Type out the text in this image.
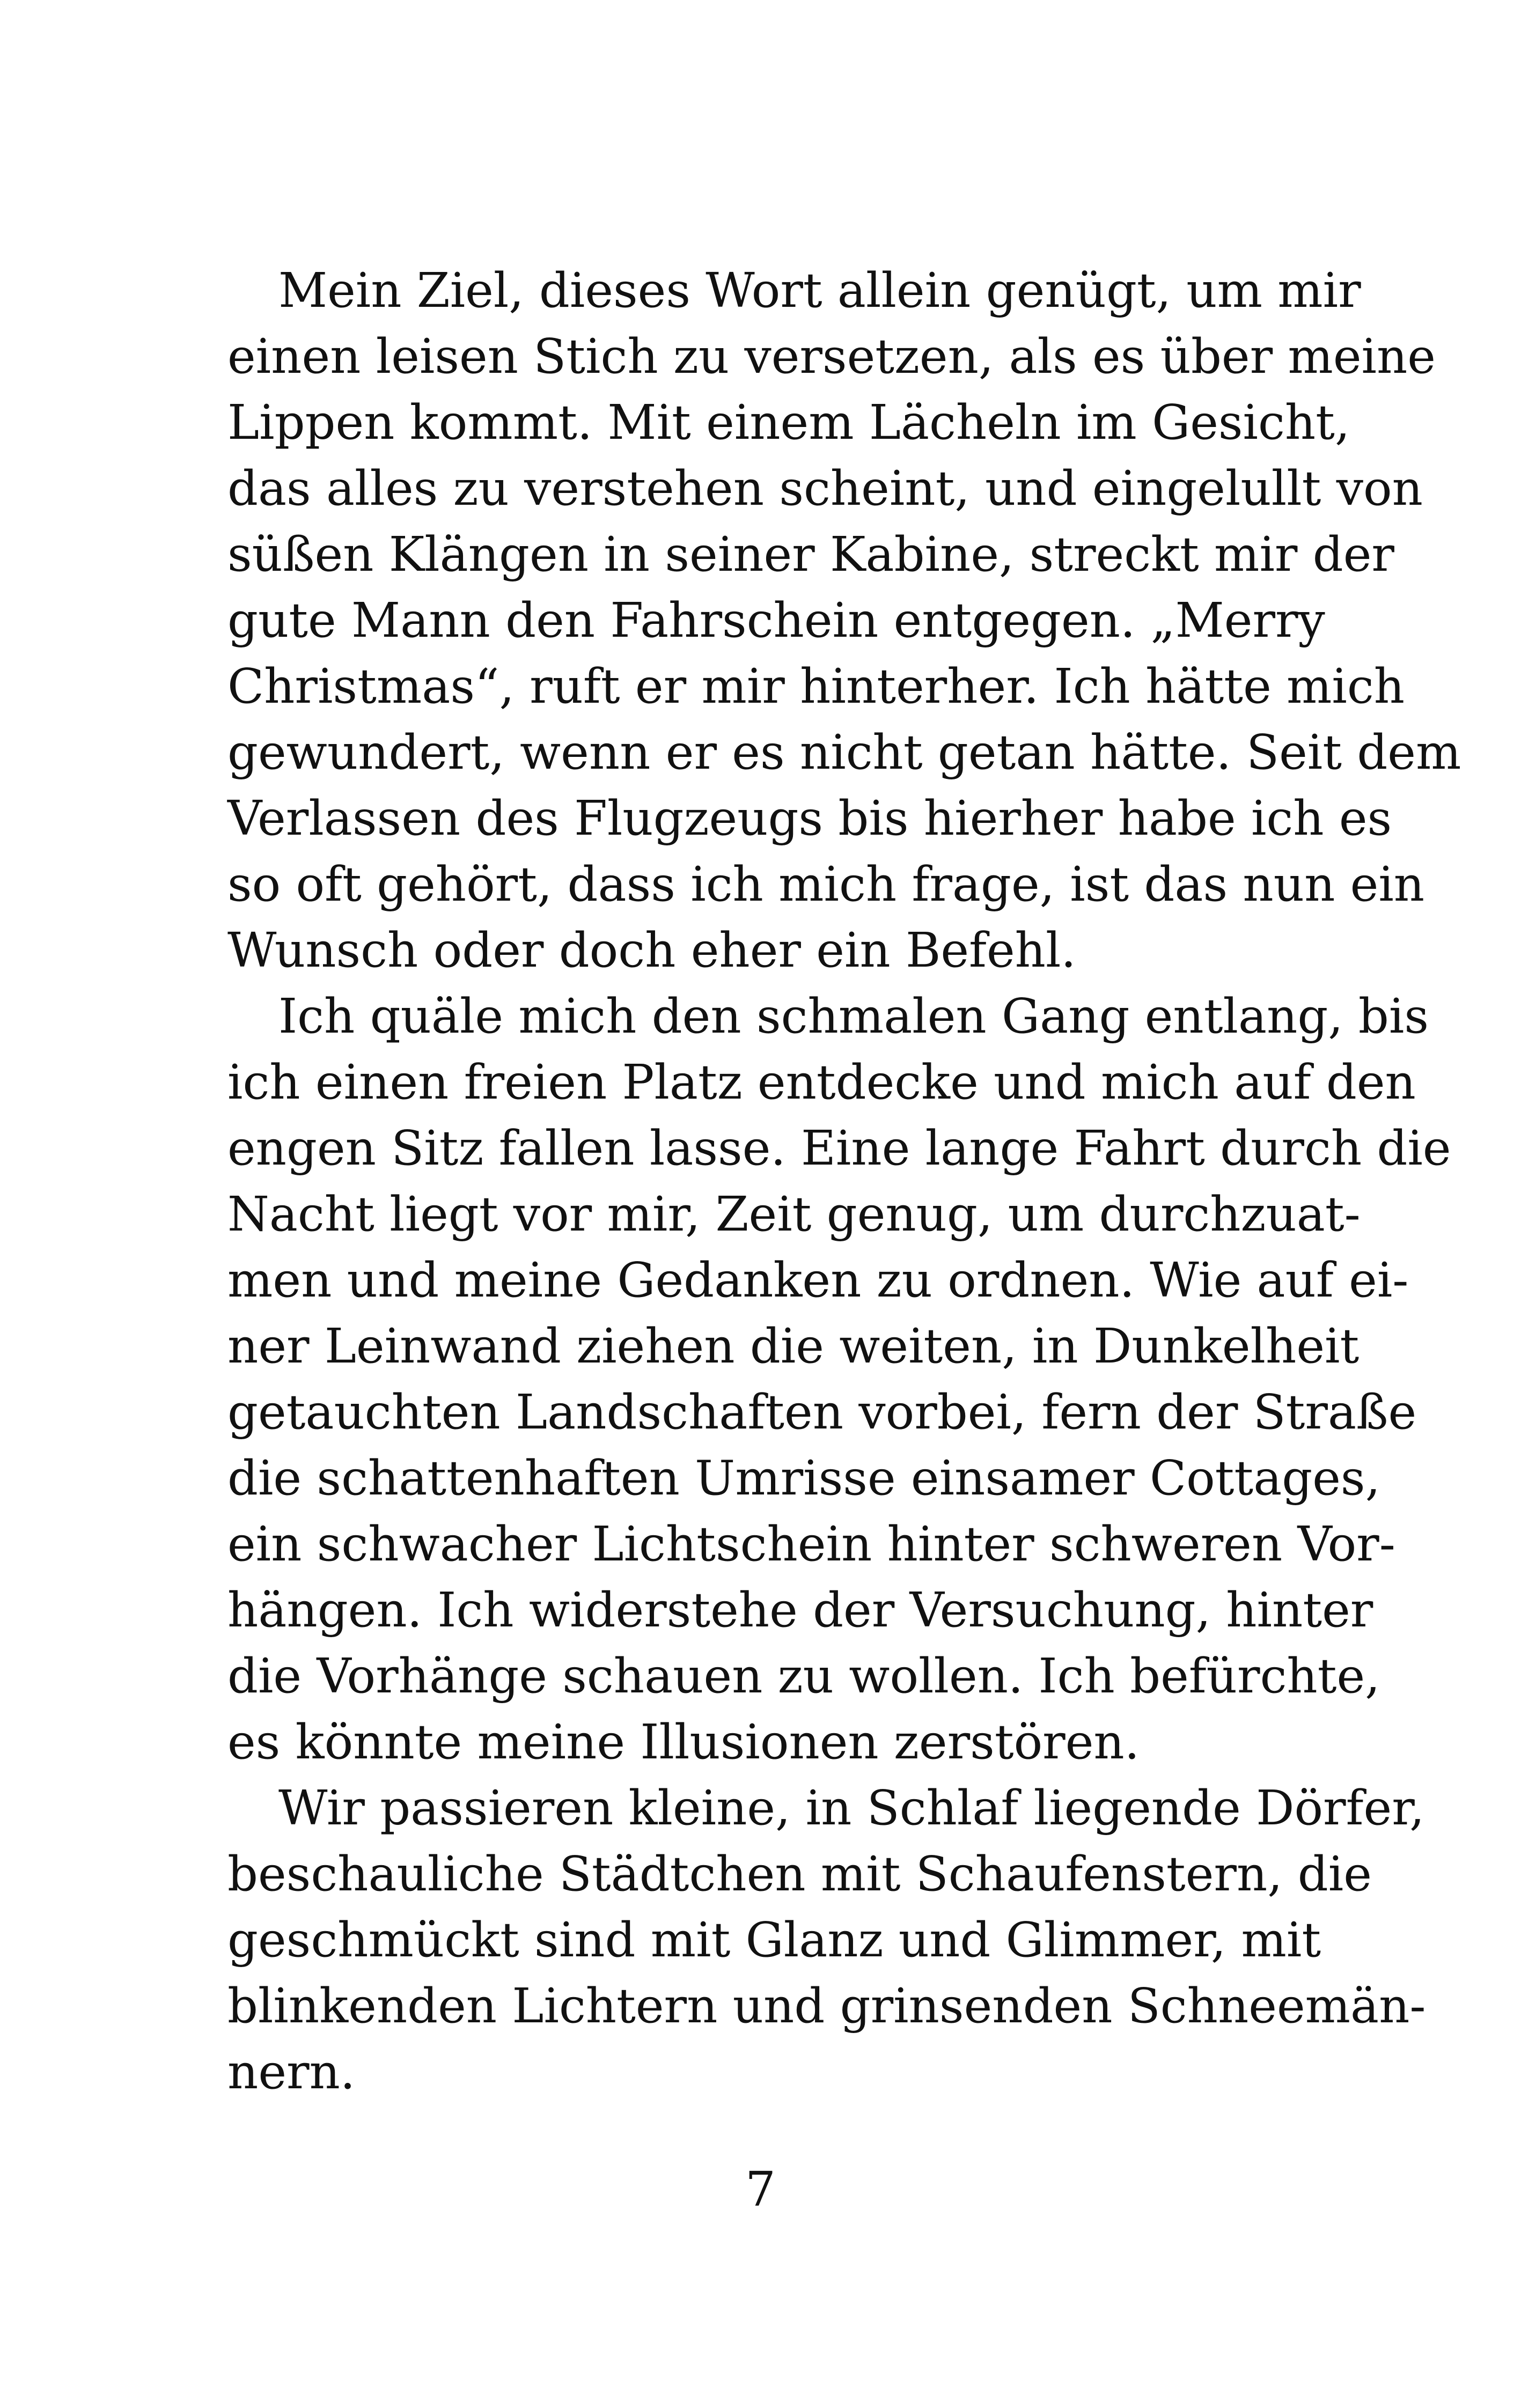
Mein Ziel, dieses Wort allein genügt, um mir
einen leisen Stich zu versetzen, als es über meine
Lippen kommt. Mit einem Lächeln im Gesicht,
das alles zu verstehen scheint, und eingelullt von
süßen Klängen in seiner Kabine, streckt mir der
gute Mann den Fahrschein entgegen. „Merry
Christmas“, ruft er mir hinterher. Ich hätte mich
gewundert, wenn er es nicht getan hätte. Seit dem
Verlassen des Flugzeugs bis hierher habe ich es
so oft gehört, dass ich mich frage, ist das nun ein
Wunsch oder doch eher ein Befehl.
Ich quäle mich den schmalen Gang entlang, bis
ich einen freien Platz entdecke und mich auf den
engen Sitz fallen lasse. Eine lange Fahrt durch die
Nacht liegt vor mir, Zeit genug, um durchzuat-
men und meine Gedanken zu ordnen. Wie auf ei-
ner Leinwand ziehen die weiten, in Dunkelheit
getauchten Landschaften vorbei, fern der Straße
die schattenhaften Umrisse einsamer Cottages,
ein schwacher Lichtschein hinter schweren Vor-
hängen. Ich widerstehe der Versuchung, hinter
die Vorhänge schauen zu wollen. Ich befürchte,
es könnte meine Illusionen zerstören.
Wir passieren kleine, in Schlaf liegende Dörfer,
beschauliche Städtchen mit Schaufenstern, die
geschmückt sind mit Glanz und Glimmer, mit
blinkenden Lichtern und grinsenden Schneemän-
nern.
7
